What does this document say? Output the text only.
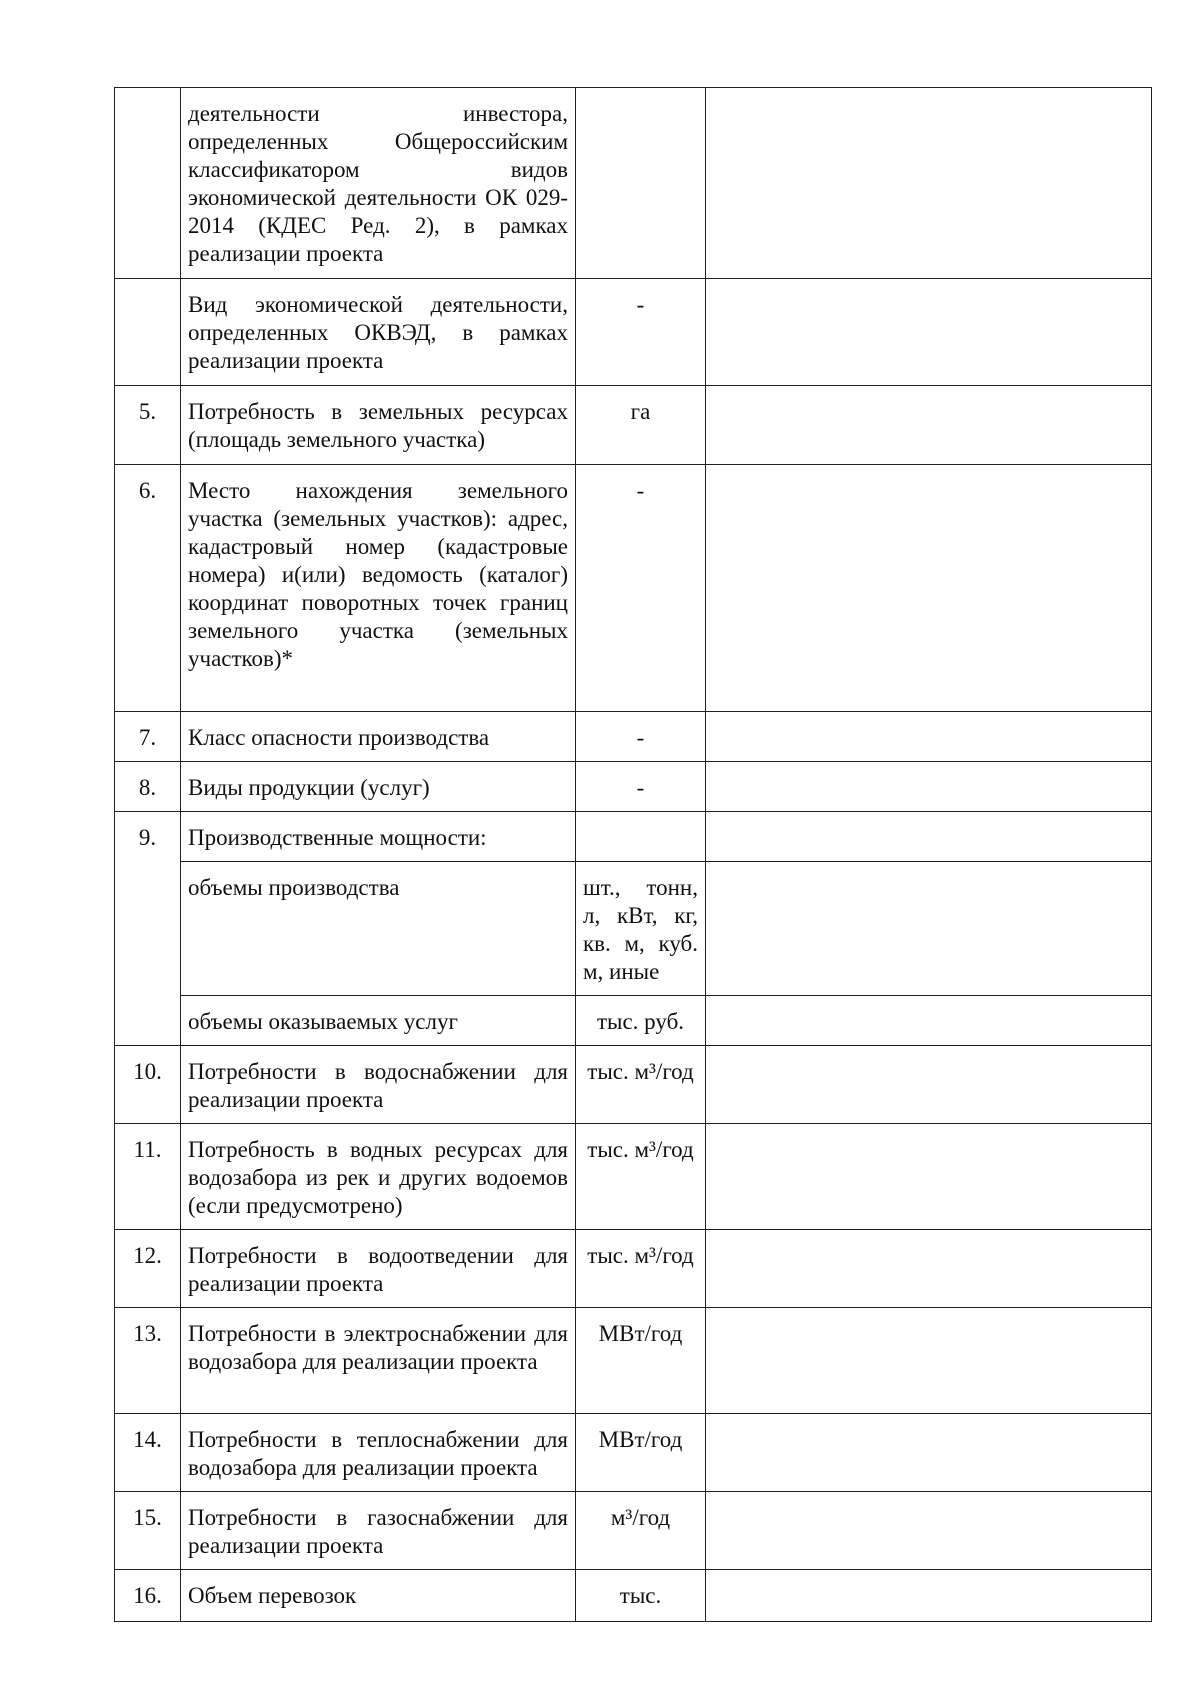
	деятельности инвестора, определенных Общероссийским классификатором видов экономической деятельности ОК 029-2014 (КДЕС Ред. 2), в рамках реализации проекта		
	Вид экономической деятельности, определенных ОКВЭД, в рамках реализации проекта	-	
5.	Потребность в земельных ресурсах (площадь земельного участка)	га	
6.	Место нахождения земельного участка (земельных участков): адрес, кадастровый номер (кадастровые номера) и(или) ведомость (каталог) координат поворотных точек границ земельного участка (земельных участков)*	-	
7.	Класс опасности производства	-	
8.	Виды продукции (услуг)	-	
9.	Производственные мощности:		
	объемы производства	шт., тонн, л, кВт, кг, кв. м, куб. м, иные	
	объемы оказываемых услуг	тыс. руб.	
10.	Потребности в водоснабжении для реализации проекта	тыс. м³/год	
11.	Потребность в водных ресурсах для водозабора из рек и других водоемов (если предусмотрено)	тыс. м³/год	
12.	Потребности в водоотведении для реализации проекта	тыс. м³/год	
13.	Потребности в электроснабжении для водозабора для реализации проекта	МВт/год	
14.	Потребности в теплоснабжении для водозабора для реализации проекта	МВт/год	
15.	Потребности в газоснабжении для реализации проекта	м³/год	
16.	Объем перевозок	тыс.	
